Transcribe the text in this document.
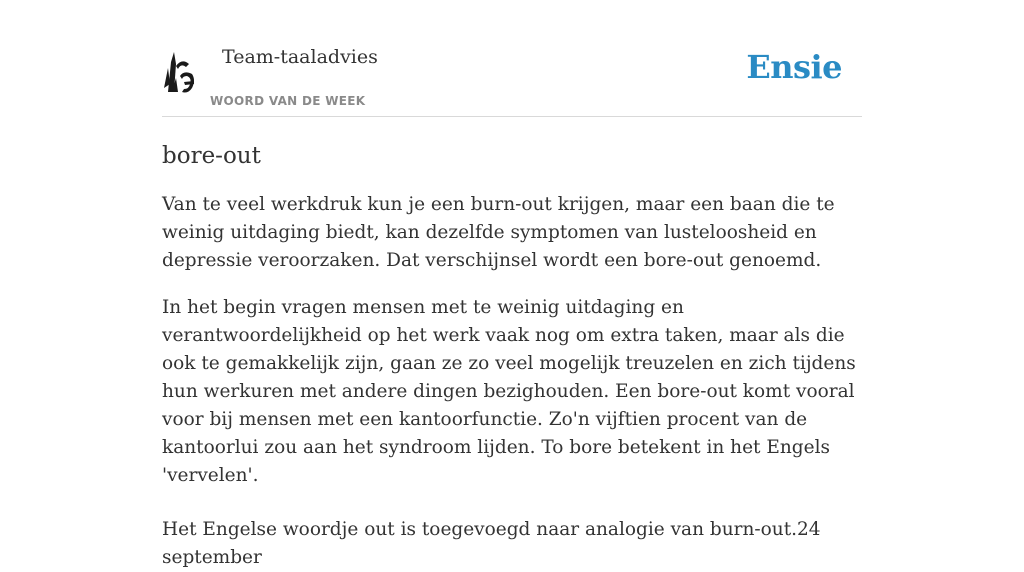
Team-taaladvies
WOORD VAN DE WEEK
Ensie
bore-out

Van te veel werkdruk kun je een burn-out krijgen, maar een baan die te weinig uitdaging biedt, kan dezelfde symptomen van lusteloosheid en depressie veroorzaken. Dat verschijnsel wordt een bore-out genoemd.

In het begin vragen mensen met te weinig uitdaging en verantwoordelijkheid op het werk vaak nog om extra taken, maar als die ook te gemakkelijk zijn, gaan ze zo veel mogelijk treuzelen en zich tijdens hun werkuren met andere dingen bezighouden. Een bore-out komt vooral voor bij mensen met een kantoorfunctie. Zo'n vijftien procent van de kantoorlui zou aan het syndroom lijden. To bore betekent in het Engels 'vervelen'.

Het Engelse woordje out is toegevoegd naar analogie van burn-out.24 september
